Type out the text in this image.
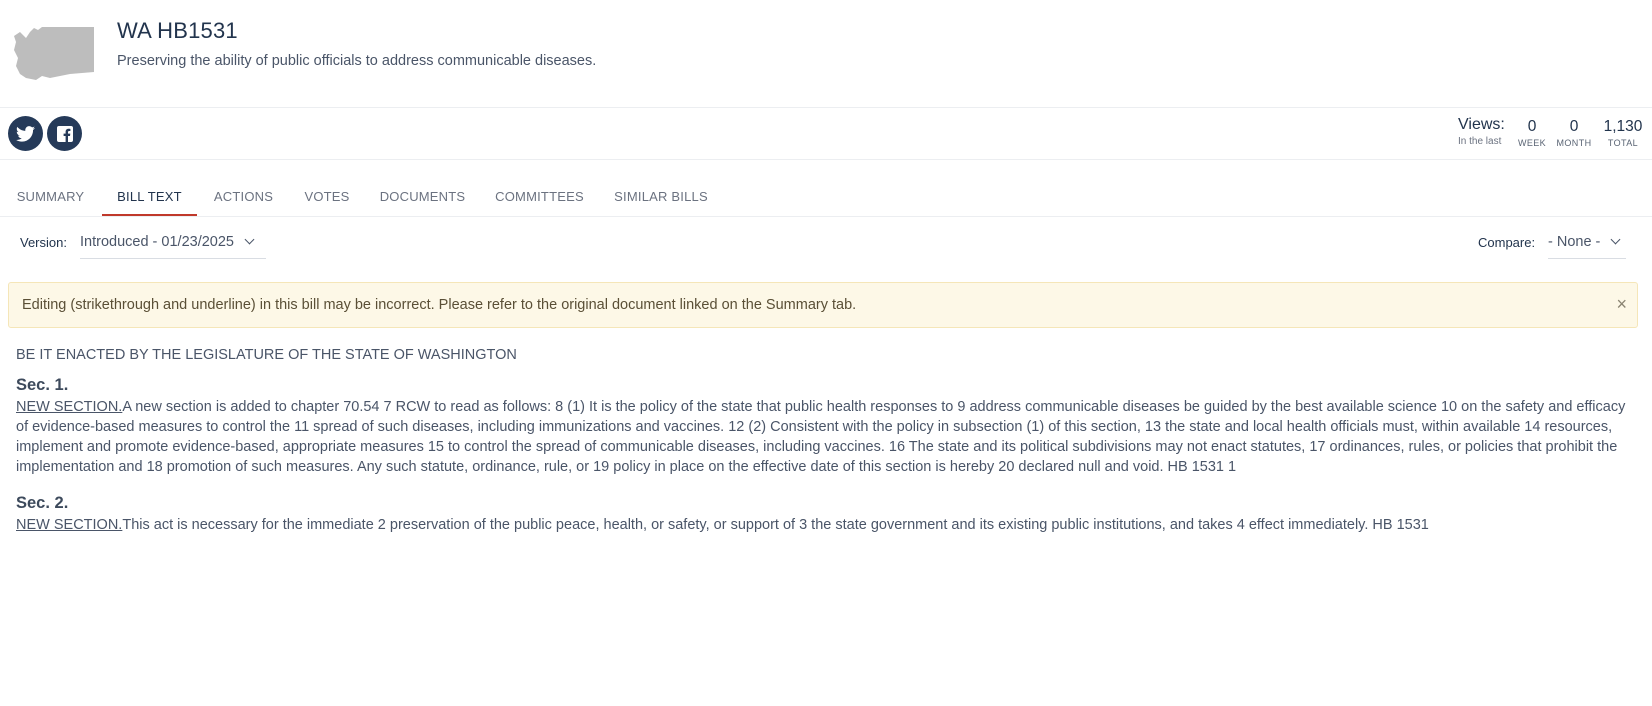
WA HB1531

Preserving the ability of public officials to address communicable diseases.

Views:
In the last
0
WEEK
0
MONTH
1,130
TOTAL
SUMMARY	BILL TEXT	ACTIONS	VOTES	DOCUMENTS	COMMITTEES	SIMILAR BILLS
Version: Introduced - 01/23/2025	Compare: - None -
Editing (strikethrough and underline) in this bill may be incorrect. Please refer to the original document linked on the Summary tab.	×
BE IT ENACTED BY THE LEGISLATURE OF THE STATE OF WASHINGTON
Sec. 1.
NEW SECTION.A new section is added to chapter 70.54 7 RCW to read as follows: 8 (1) It is the policy of the state that public health responses to 9 address communicable diseases be guided by the best available science 10 on the safety and efficacy of evidence-based measures to control the 11 spread of such diseases, including immunizations and vaccines. 12 (2) Consistent with the policy in subsection (1) of this section, 13 the state and local health officials must, within available 14 resources, implement and promote evidence-based, appropriate measures 15 to control the spread of communicable diseases, including vaccines. 16 The state and its political subdivisions may not enact statutes, 17 ordinances, rules, or policies that prohibit the implementation and 18 promotion of such measures. Any such statute, ordinance, rule, or 19 policy in place on the effective date of this section is hereby 20 declared null and void. HB 1531 1
Sec. 2.
NEW SECTION.This act is necessary for the immediate 2 preservation of the public peace, health, or safety, or support of 3 the state government and its existing public institutions, and takes 4 effect immediately. HB 1531
